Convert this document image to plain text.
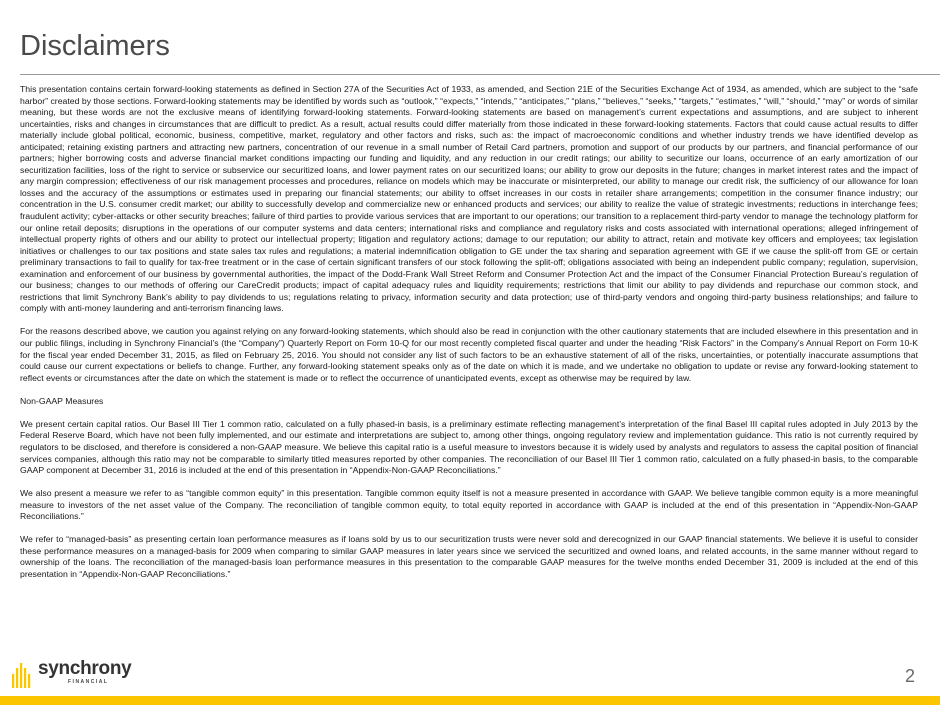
Disclaimers

This presentation contains certain forward-looking statements as defined in Section 27A of the Securities Act of 1933, as amended, and Section 21E of the Securities Exchange Act of 1934, as amended, which are subject to the “safe harbor” created by those sections. Forward-looking statements may be identified by words such as “outlook,” “expects,” “intends,” “anticipates,” “plans,” “believes,” “seeks,” “targets,” “estimates,” “will,” “should,” “may” or words of similar meaning, but these words are not the exclusive means of identifying forward-looking statements. Forward-looking statements are based on management’s current expectations and assumptions, and are subject to inherent uncertainties, risks and changes in circumstances that are difficult to predict. As a result, actual results could differ materially from those indicated in these forward-looking statements. Factors that could cause actual results to differ materially include global political, economic, business, competitive, market, regulatory and other factors and risks, such as: the impact of macroeconomic conditions and whether industry trends we have identified develop as anticipated; retaining existing partners and attracting new partners, concentration of our revenue in a small number of Retail Card partners, promotion and support of our products by our partners, and financial performance of our partners; higher borrowing costs and adverse financial market conditions impacting our funding and liquidity, and any reduction in our credit ratings; our ability to securitize our loans, occurrence of an early amortization of our securitization facilities, loss of the right to service or subservice our securitized loans, and lower payment rates on our securitized loans; our ability to grow our deposits in the future; changes in market interest rates and the impact of any margin compression; effectiveness of our risk management processes and procedures, reliance on models which may be inaccurate or misinterpreted, our ability to manage our credit risk, the sufficiency of our allowance for loan losses and the accuracy of the assumptions or estimates used in preparing our financial statements; our ability to offset increases in our costs in retailer share arrangements; competition in the consumer finance industry; our concentration in the U.S. consumer credit market; our ability to successfully develop and commercialize new or enhanced products and services; our ability to realize the value of strategic investments; reductions in interchange fees; fraudulent activity; cyber-attacks or other security breaches; failure of third parties to provide various services that are important to our operations; our transition to a replacement third-party vendor to manage the technology platform for our online retail deposits; disruptions in the operations of our computer systems and data centers; international risks and compliance and regulatory risks and costs associated with international operations; alleged infringement of intellectual property rights of others and our ability to protect our intellectual property; litigation and regulatory actions; damage to our reputation; our ability to attract, retain and motivate key officers and employees; tax legislation initiatives or challenges to our tax positions and state sales tax rules and regulations; a material indemnification obligation to GE under the tax sharing and separation agreement with GE if we cause the split-off from GE or certain preliminary transactions to fail to qualify for tax-free treatment or in the case of certain significant transfers of our stock following the split-off; obligations associated with being an independent public company; regulation, supervision, examination and enforcement of our business by governmental authorities, the impact of the Dodd-Frank Wall Street Reform and Consumer Protection Act and the impact of the Consumer Financial Protection Bureau’s regulation of our business; changes to our methods of offering our CareCredit products; impact of capital adequacy rules and liquidity requirements; restrictions that limit our ability to pay dividends and repurchase our common stock, and restrictions that limit Synchrony Bank’s ability to pay dividends to us; regulations relating to privacy, information security and data protection; use of third-party vendors and ongoing third-party business relationships; and failure to comply with anti-money laundering and anti-terrorism financing laws.

For the reasons described above, we caution you against relying on any forward-looking statements, which should also be read in conjunction with the other cautionary statements that are included elsewhere in this presentation and in our public filings, including in Synchrony Financial’s (the “Company”) Quarterly Report on Form 10-Q for our most recently completed fiscal quarter and under the heading “Risk Factors” in the Company’s Annual Report on Form 10-K for the fiscal year ended December 31, 2015, as filed on February 25, 2016. You should not consider any list of such factors to be an exhaustive statement of all of the risks, uncertainties, or potentially inaccurate assumptions that could cause our current expectations or beliefs to change. Further, any forward-looking statement speaks only as of the date on which it is made, and we undertake no obligation to update or revise any forward-looking statement to reflect events or circumstances after the date on which the statement is made or to reflect the occurrence of unanticipated events, except as otherwise may be required by law.

Non-GAAP Measures

We present certain capital ratios. Our Basel III Tier 1 common ratio, calculated on a fully phased-in basis, is a preliminary estimate reflecting management’s interpretation of the final Basel III capital rules adopted in July 2013 by the Federal Reserve Board, which have not been fully implemented, and our estimate and interpretations are subject to, among other things, ongoing regulatory review and implementation guidance. This ratio is not currently required by regulators to be disclosed, and therefore is considered a non-GAAP measure. We believe this capital ratio is a useful measure to investors because it is widely used by analysts and regulators to assess the capital position of financial services companies, although this ratio may not be comparable to similarly titled measures reported by other companies. The reconciliation of our Basel III Tier 1 common ratio, calculated on a fully phased-in basis, to the comparable GAAP component at December 31, 2016 is included at the end of this presentation in “Appendix-Non-GAAP Reconciliations.”

We also present a measure we refer to as “tangible common equity” in this presentation. Tangible common equity itself is not a measure presented in accordance with GAAP. We believe tangible common equity is a more meaningful measure to investors of the net asset value of the Company. The reconciliation of tangible common equity, to total equity reported in accordance with GAAP is included at the end of this presentation in “Appendix-Non-GAAP Reconciliations.”

We refer to “managed-basis” as presenting certain loan performance measures as if loans sold by us to our securitization trusts were never sold and derecognized in our GAAP financial statements. We believe it is useful to consider these performance measures on a managed-basis for 2009 when comparing to similar GAAP measures in later years since we serviced the securitized and owned loans, and related accounts, in the same manner without regard to ownership of the loans. The reconciliation of the managed-basis loan performance measures in this presentation to the comparable GAAP measures for the twelve months ended December 31, 2009 is included at the end of this presentation in “Appendix-Non-GAAP Reconciliations.”

synchrony
FINANCIAL	2
